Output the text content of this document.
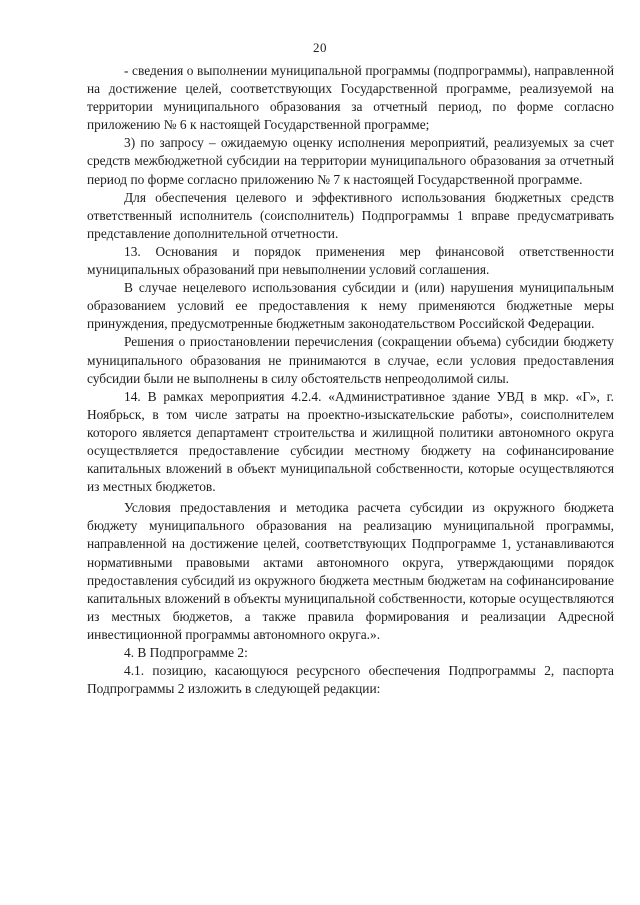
20

- сведения о выполнении муниципальной программы (подпрограммы), направленной на достижение целей, соответствующих Государственной программе, реализуемой на территории муниципального образования за отчетный период, по форме согласно приложению № 6 к настоящей Государственной программе;

3) по запросу – ожидаемую оценку исполнения мероприятий, реализуемых за счет средств межбюджетной субсидии на территории муниципального образования за отчетный период по форме согласно приложению № 7 к настоящей Государственной программе.

Для обеспечения целевого и эффективного использования бюджетных средств ответственный исполнитель (соисполнитель) Подпрограммы 1 вправе предусматривать представление дополнительной отчетности.

13. Основания и порядок применения мер финансовой ответственности муниципальных образований при невыполнении условий соглашения.

В случае нецелевого использования субсидии и (или) нарушения муниципальным образованием условий ее предоставления к нему применяются бюджетные меры принуждения, предусмотренные бюджетным законодательством Российской Федерации.

Решения о приостановлении перечисления (сокращении объема) субсидии бюджету муниципального образования не принимаются в случае, если условия предоставления субсидии были не выполнены в силу обстоятельств непреодолимой силы.

14. В рамках мероприятия 4.2.4. «Административное здание УВД в мкр. «Г», г. Ноябрьск, в том числе затраты на проектно-изыскательские работы», соисполнителем которого является департамент строительства и жилищной политики автономного округа осуществляется предоставление субсидии местному бюджету на софинансирование капитальных вложений в объект муниципальной собственности, которые осуществляются из местных бюджетов.

Условия предоставления и методика расчета субсидии из окружного бюджета бюджету муниципального образования на реализацию муниципальной программы, направленной на достижение целей, соответствующих Подпрограмме 1, устанавливаются нормативными правовыми актами автономного округа, утверждающими порядок предоставления субсидий из окружного бюджета местным бюджетам на софинансирование капитальных вложений в объекты муниципальной собственности, которые осуществляются из местных бюджетов, а также правила формирования и реализации Адресной инвестиционной программы автономного округа.».

4. В Подпрограмме 2:

4.1. позицию, касающуюся ресурсного обеспечения Подпрограммы 2, паспорта Подпрограммы 2 изложить в следующей редакции:
